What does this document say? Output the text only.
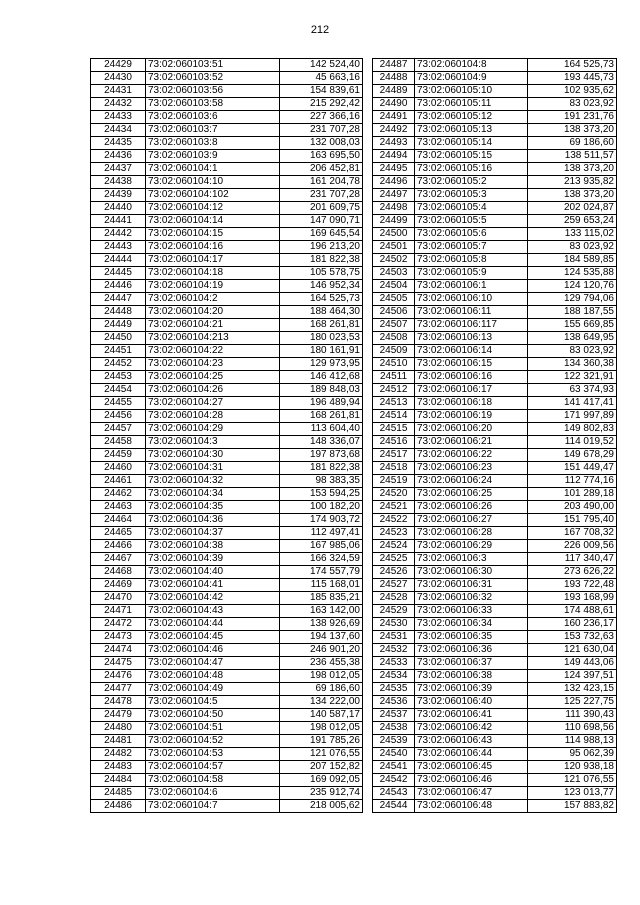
212
24429	73:02:060103:51	142 524,40
24430	73:02:060103:52	45 663,16
24431	73:02:060103:56	154 839,61
24432	73:02:060103:58	215 292,42
24433	73:02:060103:6	227 366,16
24434	73:02:060103:7	231 707,28
24435	73:02:060103:8	132 008,03
24436	73:02:060103:9	163 695,50
24437	73:02:060104:1	206 452,81
24438	73:02:060104:10	161 204,78
24439	73:02:060104:102	231 707,28
24440	73:02:060104:12	201 609,75
24441	73:02:060104:14	147 090,71
24442	73:02:060104:15	169 645,54
24443	73:02:060104:16	196 213,20
24444	73:02:060104:17	181 822,38
24445	73:02:060104:18	105 578,75
24446	73:02:060104:19	146 952,34
24447	73:02:060104:2	164 525,73
24448	73:02:060104:20	188 464,30
24449	73:02:060104:21	168 261,81
24450	73:02:060104:213	180 023,53
24451	73:02:060104:22	180 161,91
24452	73:02:060104:23	129 973,95
24453	73:02:060104:25	146 412,68
24454	73:02:060104:26	189 848,03
24455	73:02:060104:27	196 489,94
24456	73:02:060104:28	168 261,81
24457	73:02:060104:29	113 604,40
24458	73:02:060104:3	148 336,07
24459	73:02:060104:30	197 873,68
24460	73:02:060104:31	181 822,38
24461	73:02:060104:32	98 383,35
24462	73:02:060104:34	153 594,25
24463	73:02:060104:35	100 182,20
24464	73:02:060104:36	174 903,72
24465	73:02:060104:37	112 497,41
24466	73:02:060104:38	167 985,06
24467	73:02:060104:39	166 324,59
24468	73:02:060104:40	174 557,79
24469	73:02:060104:41	115 168,01
24470	73:02:060104:42	185 835,21
24471	73:02:060104:43	163 142,00
24472	73:02:060104:44	138 926,69
24473	73:02:060104:45	194 137,60
24474	73:02:060104:46	246 901,20
24475	73:02:060104:47	236 455,38
24476	73:02:060104:48	198 012,05
24477	73:02:060104:49	69 186,60
24478	73:02:060104:5	134 222,00
24479	73:02:060104:50	140 587,17
24480	73:02:060104:51	198 012,05
24481	73:02:060104:52	191 785,26
24482	73:02:060104:53	121 076,55
24483	73:02:060104:57	207 152,82
24484	73:02:060104:58	169 092,05
24485	73:02:060104:6	235 912,74
24486	73:02:060104:7	218 005,62
24487	73:02:060104:8	164 525,73
24488	73:02:060104:9	193 445,73
24489	73:02:060105:10	102 935,62
24490	73:02:060105:11	83 023,92
24491	73:02:060105:12	191 231,76
24492	73:02:060105:13	138 373,20
24493	73:02:060105:14	69 186,60
24494	73:02:060105:15	138 511,57
24495	73:02:060105:16	138 373,20
24496	73:02:060105:2	213 935,82
24497	73:02:060105:3	138 373,20
24498	73:02:060105:4	202 024,87
24499	73:02:060105:5	259 653,24
24500	73:02:060105:6	133 115,02
24501	73:02:060105:7	83 023,92
24502	73:02:060105:8	184 589,85
24503	73:02:060105:9	124 535,88
24504	73:02:060106:1	124 120,76
24505	73:02:060106:10	129 794,06
24506	73:02:060106:11	188 187,55
24507	73:02:060106:117	155 669,85
24508	73:02:060106:13	138 649,95
24509	73:02:060106:14	83 023,92
24510	73:02:060106:15	134 360,38
24511	73:02:060106:16	122 321,91
24512	73:02:060106:17	63 374,93
24513	73:02:060106:18	141 417,41
24514	73:02:060106:19	171 997,89
24515	73:02:060106:20	149 802,83
24516	73:02:060106:21	114 019,52
24517	73:02:060106:22	149 678,29
24518	73:02:060106:23	151 449,47
24519	73:02:060106:24	112 774,16
24520	73:02:060106:25	101 289,18
24521	73:02:060106:26	203 490,00
24522	73:02:060106:27	151 795,40
24523	73:02:060106:28	167 708,32
24524	73:02:060106:29	226 009,56
24525	73:02:060106:3	117 340,47
24526	73:02:060106:30	273 626,22
24527	73:02:060106:31	193 722,48
24528	73:02:060106:32	193 168,99
24529	73:02:060106:33	174 488,61
24530	73:02:060106:34	160 236,17
24531	73:02:060106:35	153 732,63
24532	73:02:060106:36	121 630,04
24533	73:02:060106:37	149 443,06
24534	73:02:060106:38	124 397,51
24535	73:02:060106:39	132 423,15
24536	73:02:060106:40	125 227,75
24537	73:02:060106:41	111 390,43
24538	73:02:060106:42	110 698,56
24539	73:02:060106:43	114 988,13
24540	73:02:060106:44	95 062,39
24541	73:02:060106:45	120 938,18
24542	73:02:060106:46	121 076,55
24543	73:02:060106:47	123 013,77
24544	73:02:060106:48	157 883,82
